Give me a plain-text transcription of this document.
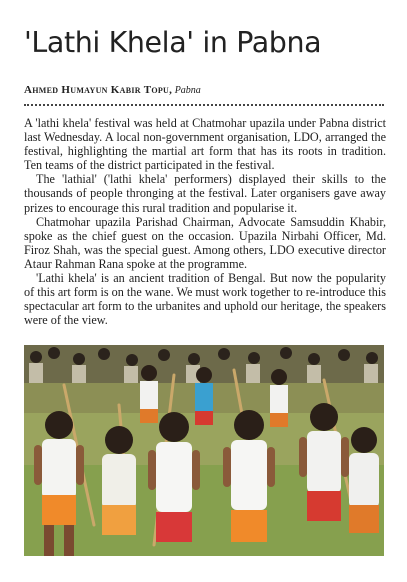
'Lathi Khela' in Pabna
Ahmed Humayun Kabir Topu, Pabna

A 'lathi khela' festival was held at Chatmohar upazila under Pabna district last Wednesday. A local non-government organisation, LDO, arranged the festival, highlighting the martial art form that has its roots in tradition. Ten teams of the district participated in the festival.

The 'lathial' ('lathi khela' performers) displayed their skills to the thousands of people thronging at the festival. Later organisers gave away prizes to encourage this rural tradition and popularise it.

Chatmohar upazila Parishad Chairman, Advocate Samsuddin Khabir, spoke as the chief guest on the occasion. Upazila Nirbahi Officer, Md. Firoz Shah, was the special guest. Among others, LDO executive director Ataur Rahman Rana spoke at the programme.

'Lathi khela' is an ancient tradition of Bengal. But now the popularity of this art form is on the wane. We must work together to re-introduce this spectacular art form to the urbanites and uphold our heritage, the speakers were of the view.
